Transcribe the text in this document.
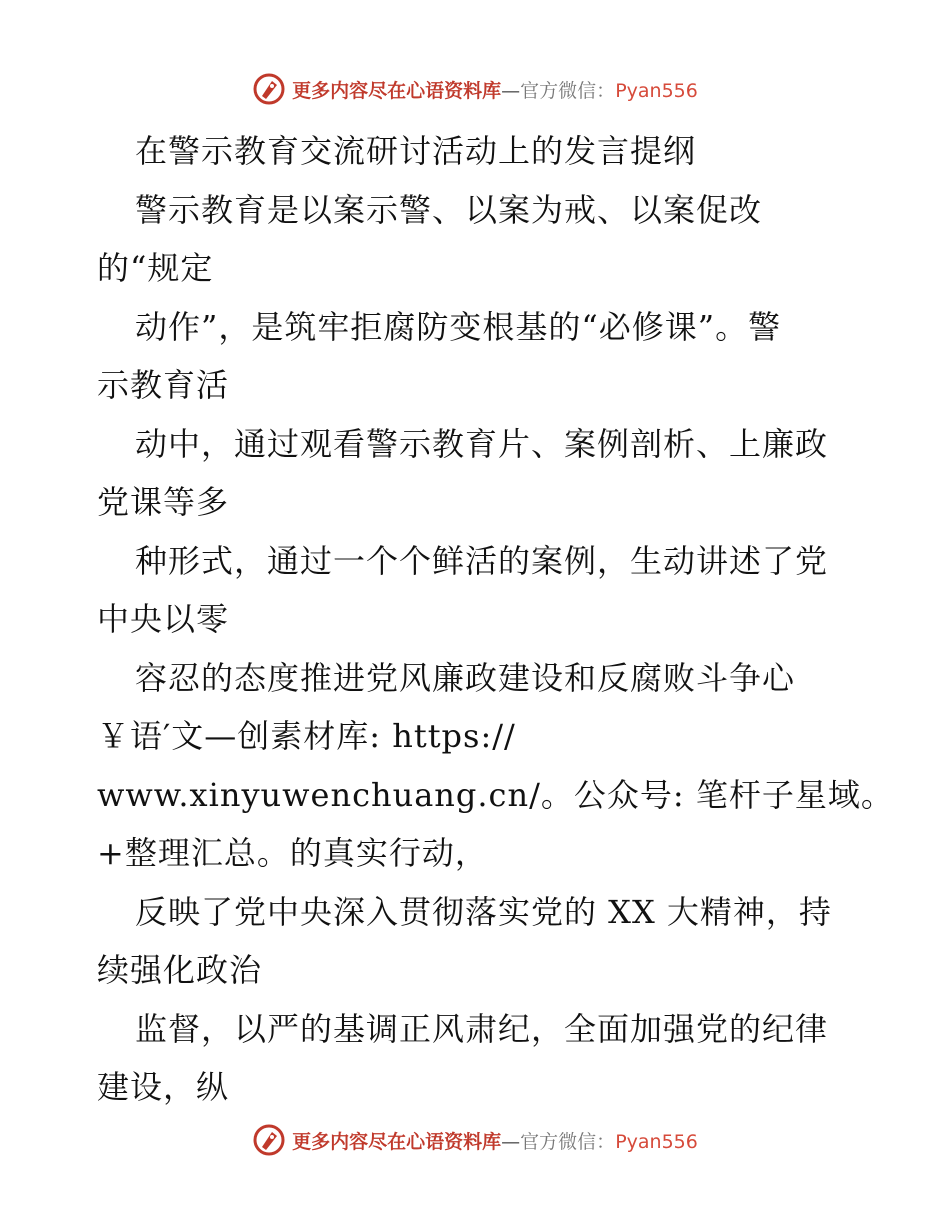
更多内容尽在心语资料库—官方微信：Pyan556
在警示教育交流研讨活动上的发言提纲
警示教育是以案示警、以案为戒、以案促改
的“规定
动作”，是筑牢拒腐防变根基的“必修课”。警
示教育活
动中，通过观看警示教育片、案例剖析、上廉政
党课等多
种形式，通过一个个鲜活的案例，生动讲述了党
中央以零
容忍的态度推进党风廉政建设和反腐败斗争心
￥语′文—创素材库: https://
www.xinyuwenchuang.cn/。公众号: 笔杆子星域。
+整理汇总。的真实行动，
反映了党中央深入贯彻落实党的 XX 大精神，持
续强化政治
监督，以严的基调正风肃纪，全面加强党的纪律
建设，纵
更多内容尽在心语资料库—官方微信：Pyan556
